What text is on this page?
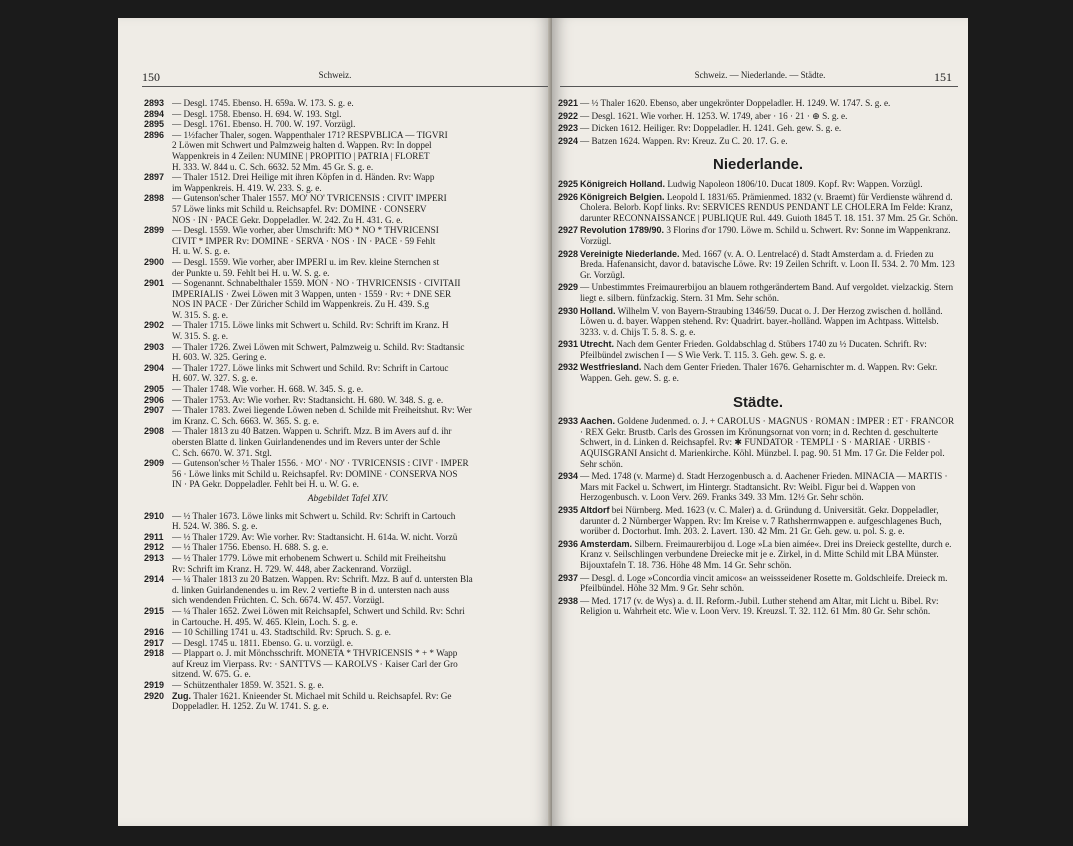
150	Schweiz.
2893 — Desgl. 1745. Ebenso. H. 659a. W. 173. S. g. e.
2894 — Desgl. 1758. Ebenso. H. 694. W. 193. Stgl.
2895 — Desgl. 1761. Ebenso. H. 700. W. 197. Vorzügl.
2896 — 1½facher Thaler, sogen. Wappenthaler 171? RESPVBLICA — TIGVRI
2 Löwen mit Schwert und Palmzweig halten d. Wappen. Rv: In doppel
Wappenkreis in 4 Zeilen: NUMINE | PROPITIO | PATRIA | FLORET
H. 333. W. 844 u. C. Sch. 6632. 52 Mm. 45 Gr. S. g. e.
2897 — Thaler 1512. Drei Heilige mit ihren Köpfen in d. Händen. Rv: Wapp
im Wappenkreis. H. 419. W. 233. S. g. e.
2898 — Gutenson'scher Thaler 1557. MO' NO' TVRICENSIS : CIVIT' IMPERI
57 Löwe links mit Schild u. Reichsapfel. Rv: DOMINE · CONSERV
NOS · IN · PACE Gekr. Doppeladler. W. 242. Zu H. 431. G. e.
2899 — Desgl. 1559. Wie vorher, aber Umschrift: MO * NO * THVRICENSI
CIVIT * IMPER Rv: DOMINE · SERVA · NOS · IN · PACE · 59 Fehlt
H. u. W. S. g. e.
2900 — Desgl. 1559. Wie vorher, aber IMPERI u. im Rev. kleine Sternchen st
der Punkte u. 59. Fehlt bei H. u. W. S. g. e.
2901 — Sogenannt. Schnabelthaler 1559. MON · NO · THVRICENSIS · CIVITAII
IMPERIALIS · Zwei Löwen mit 3 Wappen, unten · 1559 · Rv: + DNE SER
NOS IN PACE · Der Züricher Schild im Wappenkreis. Zu H. 439. S.g
W. 315. S. g. e.
2902 — Thaler 1715. Löwe links mit Schwert u. Schild. Rv: Schrift im Kranz. H
W. 315. S. g. e.
2903 — Thaler 1726. Zwei Löwen mit Schwert, Palmzweig u. Schild. Rv: Stadtansic
H. 603. W. 325. Gering e.
2904 — Thaler 1727. Löwe links mit Schwert und Schild. Rv: Schrift in Cartouc
H. 607. W. 327. S. g. e.
2905 — Thaler 1748. Wie vorher. H. 668. W. 345. S. g. e.
2906 — Thaler 1753. Av: Wie vorher. Rv: Stadtansicht. H. 680. W. 348. S. g. e.
2907 — Thaler 1783. Zwei liegende Löwen neben d. Schilde mit Freiheitshut. Rv: Wer
im Kranz. C. Sch. 6663. W. 365. S. g. e.
2908 — Thaler 1813 zu 40 Batzen. Wappen u. Schrift. Mzz. B im Avers auf d. ihr
obersten Blatte d. linken Guirlandenendes und im Revers unter der Schle
C. Sch. 6670. W. 371. Stgl.
2909 — Gutenson'scher ½ Thaler 1556. · MO' · NO' · TVRICENSIS : CIVI' · IMPER
56 · Löwe links mit Schild u. Reichsapfel. Rv: DOMINE · CONSERVA NOS
IN · PA Gekr. Doppeladler. Fehlt bei H. u. W. G. e.
Abgebildet Tafel XIV.
2910 — ½ Thaler 1673. Löwe links mit Schwert u. Schild. Rv: Schrift in Cartouch
H. 524. W. 386. S. g. e.
2911 — ½ Thaler 1729. Av: Wie vorher. Rv: Stadtansicht. H. 614a. W. nicht. Vorzü
2912 — ½ Thaler 1756. Ebenso. H. 688. S. g. e.
2913 — ½ Thaler 1779. Löwe mit erhobenem Schwert u. Schild mit Freiheitshu
Rv: Schrift im Kranz. H. 729. W. 448, aber Zackenrand. Vorzügl.
2914 — ¼ Thaler 1813 zu 20 Batzen. Wappen. Rv: Schrift. Mzz. B auf d. untersten Bla
d. linken Guirlandenendes u. im Rev. 2 vertiefte B in d. untersten nach auss
sich wendenden Früchten. C. Sch. 6674. W. 457. Vorzügl.
2915 — ¼ Thaler 1652. Zwei Löwen mit Reichsapfel, Schwert und Schild. Rv: Schri
in Cartouche. H. 495. W. 465. Klein, Loch. S. g. e.
2916 — 10 Schilling 1741 u. 43. Stadtschild. Rv: Spruch. S. g. e.
2917 — Desgl. 1745 u. 1811. Ebenso. G. u. vorzügl. e.
2918 — Plappart o. J. mit Mönchsschrift. MONETA * THVRICENSIS * + * Wapp
auf Kreuz im Vierpass. Rv: · SANTTVS — KAROLVS · Kaiser Carl der Gro
sitzend. W. 675. G. e.
2919 — Schützenthaler 1859. W. 3521. S. g. e.
2920 Zug. Thaler 1621. Knieender St. Michael mit Schild u. Reichsapfel. Rv: Ge
Doppeladler. H. 1252. Zu W. 1741. S. g. e.
Schweiz. — Niederlande. — Städte.	151
2921 — ½ Thaler 1620. Ebenso, aber ungekrönter Doppeladler. H. 1249. W. 1747. S. g. e.
2922 — Desgl. 1621. Wie vorher. H. 1253. W. 1749, aber · 16 · 21 · ⊕ S. g. e.
2923 — Dicken 1612. Heiliger. Rv: Doppeladler. H. 1241. Geh. gew. S. g. e.
2924 — Batzen 1624. Wappen. Rv: Kreuz. Zu C. 20. 17. G. e.
Niederlande.
2925 Königreich Holland. Ludwig Napoleon 1806/10. Ducat 1809. Kopf. Rv: Wappen. Vorzügl.
2926 Königreich Belgien. Leopold I. 1831/65. Prämienmed. 1832 (v. Braemt) für Verdienste während d. Cholera. Belorb. Kopf links. Rv: SERVICES RENDUS PENDANT LE CHOLERA Im Felde: Kranz, darunter RECONNAISSANCE | PUBLIQUE Rul. 449. Guioth 1845 T. 18. 151. 37 Mm. 25 Gr. Schön.
2927 Revolution 1789/90. 3 Florins d'or 1790. Löwe m. Schild u. Schwert. Rv: Sonne im Wappenkranz. Vorzügl.
2928 Vereinigte Niederlande. Med. 1667 (v. A. O. Lentrelacé) d. Stadt Amsterdam a. d. Frieden zu Breda. Hafenansicht, davor d. batavische Löwe. Rv: 19 Zeilen Schrift. v. Loon II. 534. 2. 70 Mm. 123 Gr. Vorzügl.
2929 — Unbestimmtes Freimaurerbijou an blauem rothgerändertem Band. Auf vergoldet. vielzackig. Stern liegt e. silbern. fünfzackig. Stern. 31 Mm. Sehr schön.
2930 Holland. Wilhelm V. von Bayern-Straubing 1346/59. Ducat o. J. Der Herzog zwischen d. holländ. Löwen u. d. bayer. Wappen stehend. Rv: Quadrirt. bayer.-holländ. Wappen im Achtpass. Wittelsb. 3233. v. d. Chijs T. 5. 8. S. g. e.
2931 Utrecht. Nach dem Genter Frieden. Goldabschlag d. Stübers 1740 zu ½ Ducaten. Schrift. Rv: Pfeilbündel zwischen I — S Wie Verk. T. 115. 3. Geh. gew. S. g. e.
2932 Westfriesland. Nach dem Genter Frieden. Thaler 1676. Geharnischter m. d. Wappen. Rv: Gekr. Wappen. Geh. gew. S. g. e.
Städte.
2933 Aachen. Goldene Judenmed. o. J. + CAROLUS · MAGNUS · ROMAN : IMPER : ET · FRANCOR · REX Gekr. Brustb. Carls des Grossen im Krönungsornat von vorn; in d. Rechten d. geschulterte Schwert, in d. Linken d. Reichsapfel. Rv: ✱ FUNDATOR · TEMPLI · S · MARIAE · URBIS · AQUISGRANI Ansicht d. Marienkirche. Köhl. Münzbel. I. pag. 90. 51 Mm. 17 Gr. Die Felder pol. Sehr schön.
2934 — Med. 1748 (v. Marme) d. Stadt Herzogenbusch a. d. Aachener Frieden. MINACIA — MARTIS · Mars mit Fackel u. Schwert, im Hintergr. Stadtansicht. Rv: Weibl. Figur bei d. Wappen von Herzogenbusch. v. Loon Verv. 269. Franks 349. 33 Mm. 12½ Gr. Sehr schön.
2935 Altdorf bei Nürnberg. Med. 1623 (v. C. Maler) a. d. Gründung d. Universität. Gekr. Doppeladler, darunter d. 2 Nürnberger Wappen. Rv: Im Kreise v. 7 Rathsherrnwappen e. aufgeschlagenes Buch, worüber d. Doctorhut. Imh. 203. 2. Lavert. 130. 42 Mm. 21 Gr. Geh. gew. u. pol. S. g. e.
2936 Amsterdam. Silbern. Freimaurerbijou d. Loge »La bien aimée«. Drei ins Dreieck gestellte, durch e. Kranz v. Seilschlingen verbundene Dreiecke mit je e. Zirkel, in d. Mitte Schild mit LBA Münster. Bijouxtafeln T. 18. 736. Höhe 48 Mm. 14 Gr. Sehr schön.
2937 — Desgl. d. Loge »Concordia vincit amicos« an weissseidener Rosette m. Goldschleife. Dreieck m. Pfeilbündel. Höhe 32 Mm. 9 Gr. Sehr schön.
2938 — Med. 1717 (v. de Wys) a. d. II. Reform.-Jubil. Luther stehend am Altar, mit Licht u. Bibel. Rv: Religion u. Wahrheit etc. Wie v. Loon Verv. 19. Kreuzsl. T. 32. 112. 61 Mm. 80 Gr. Sehr schön.
